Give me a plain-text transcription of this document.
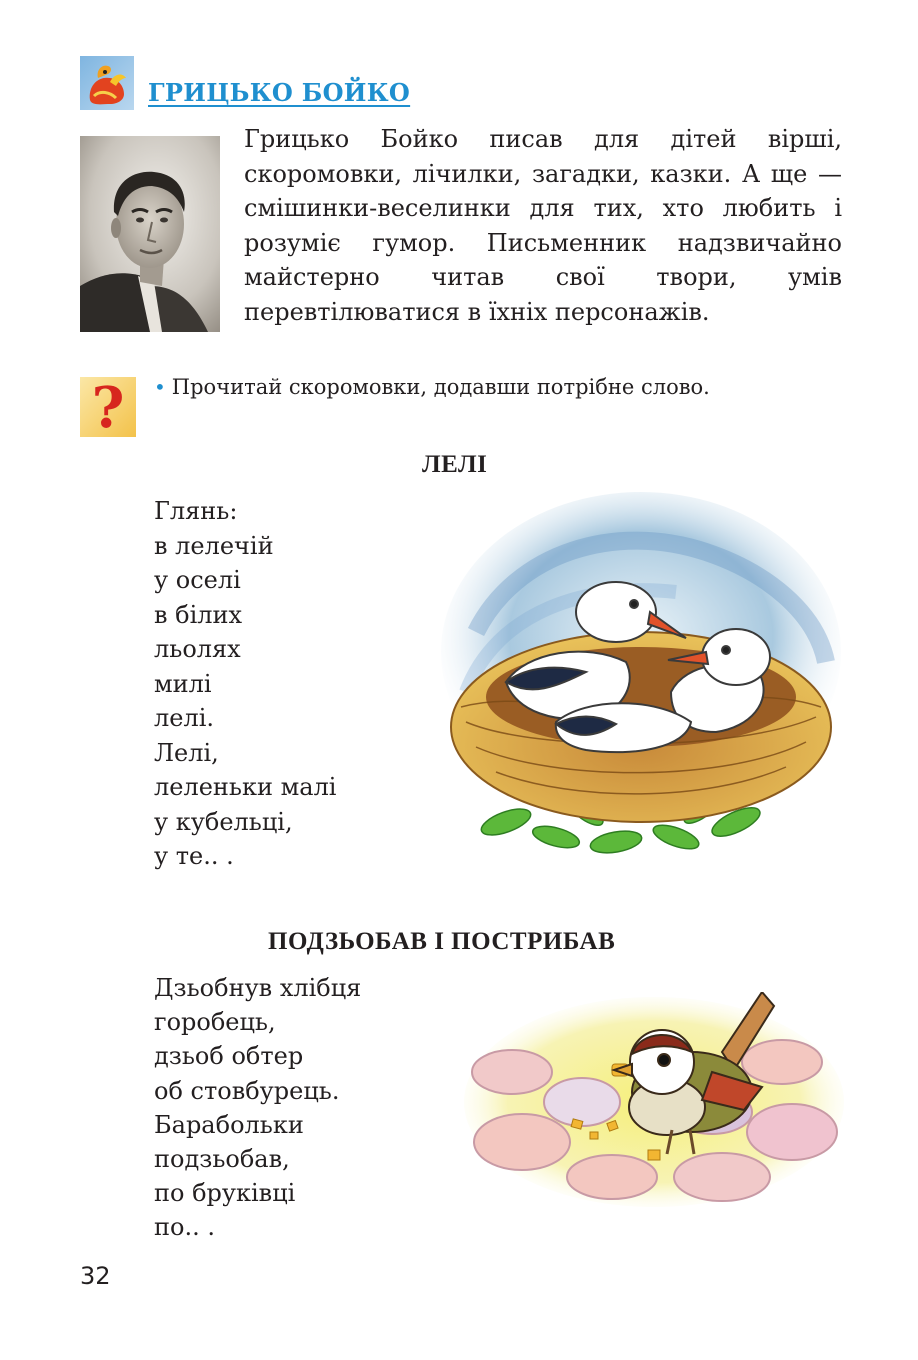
ГРИЦЬКО БОЙКО

Грицько Бойко писав для дітей вірші, скоромовки, лічилки, загадки, казки. А ще — смішинки-веселинки для тих, хто любить і розуміє гумор. Письменник надзвичайно майстерно читав свої твори, умів перевтілюватися в їхніх персонажів.

? • Прочитай скоромовки, додавши потрібне слово.
ЛЕЛІ
Глянь:
в лелечій
у оселі
в білих
льолях
милі
лелі.
Лелі,
леленьки малі
у кубельці,
у те.. .
ПОДЗЬОБАВ І ПОСТРИБАВ
Дзьобнув хлібця
горобець,
дзьоб обтер
об стовбурець.
Барабольки
подзьобав,
по бруківці
по.. .
32
